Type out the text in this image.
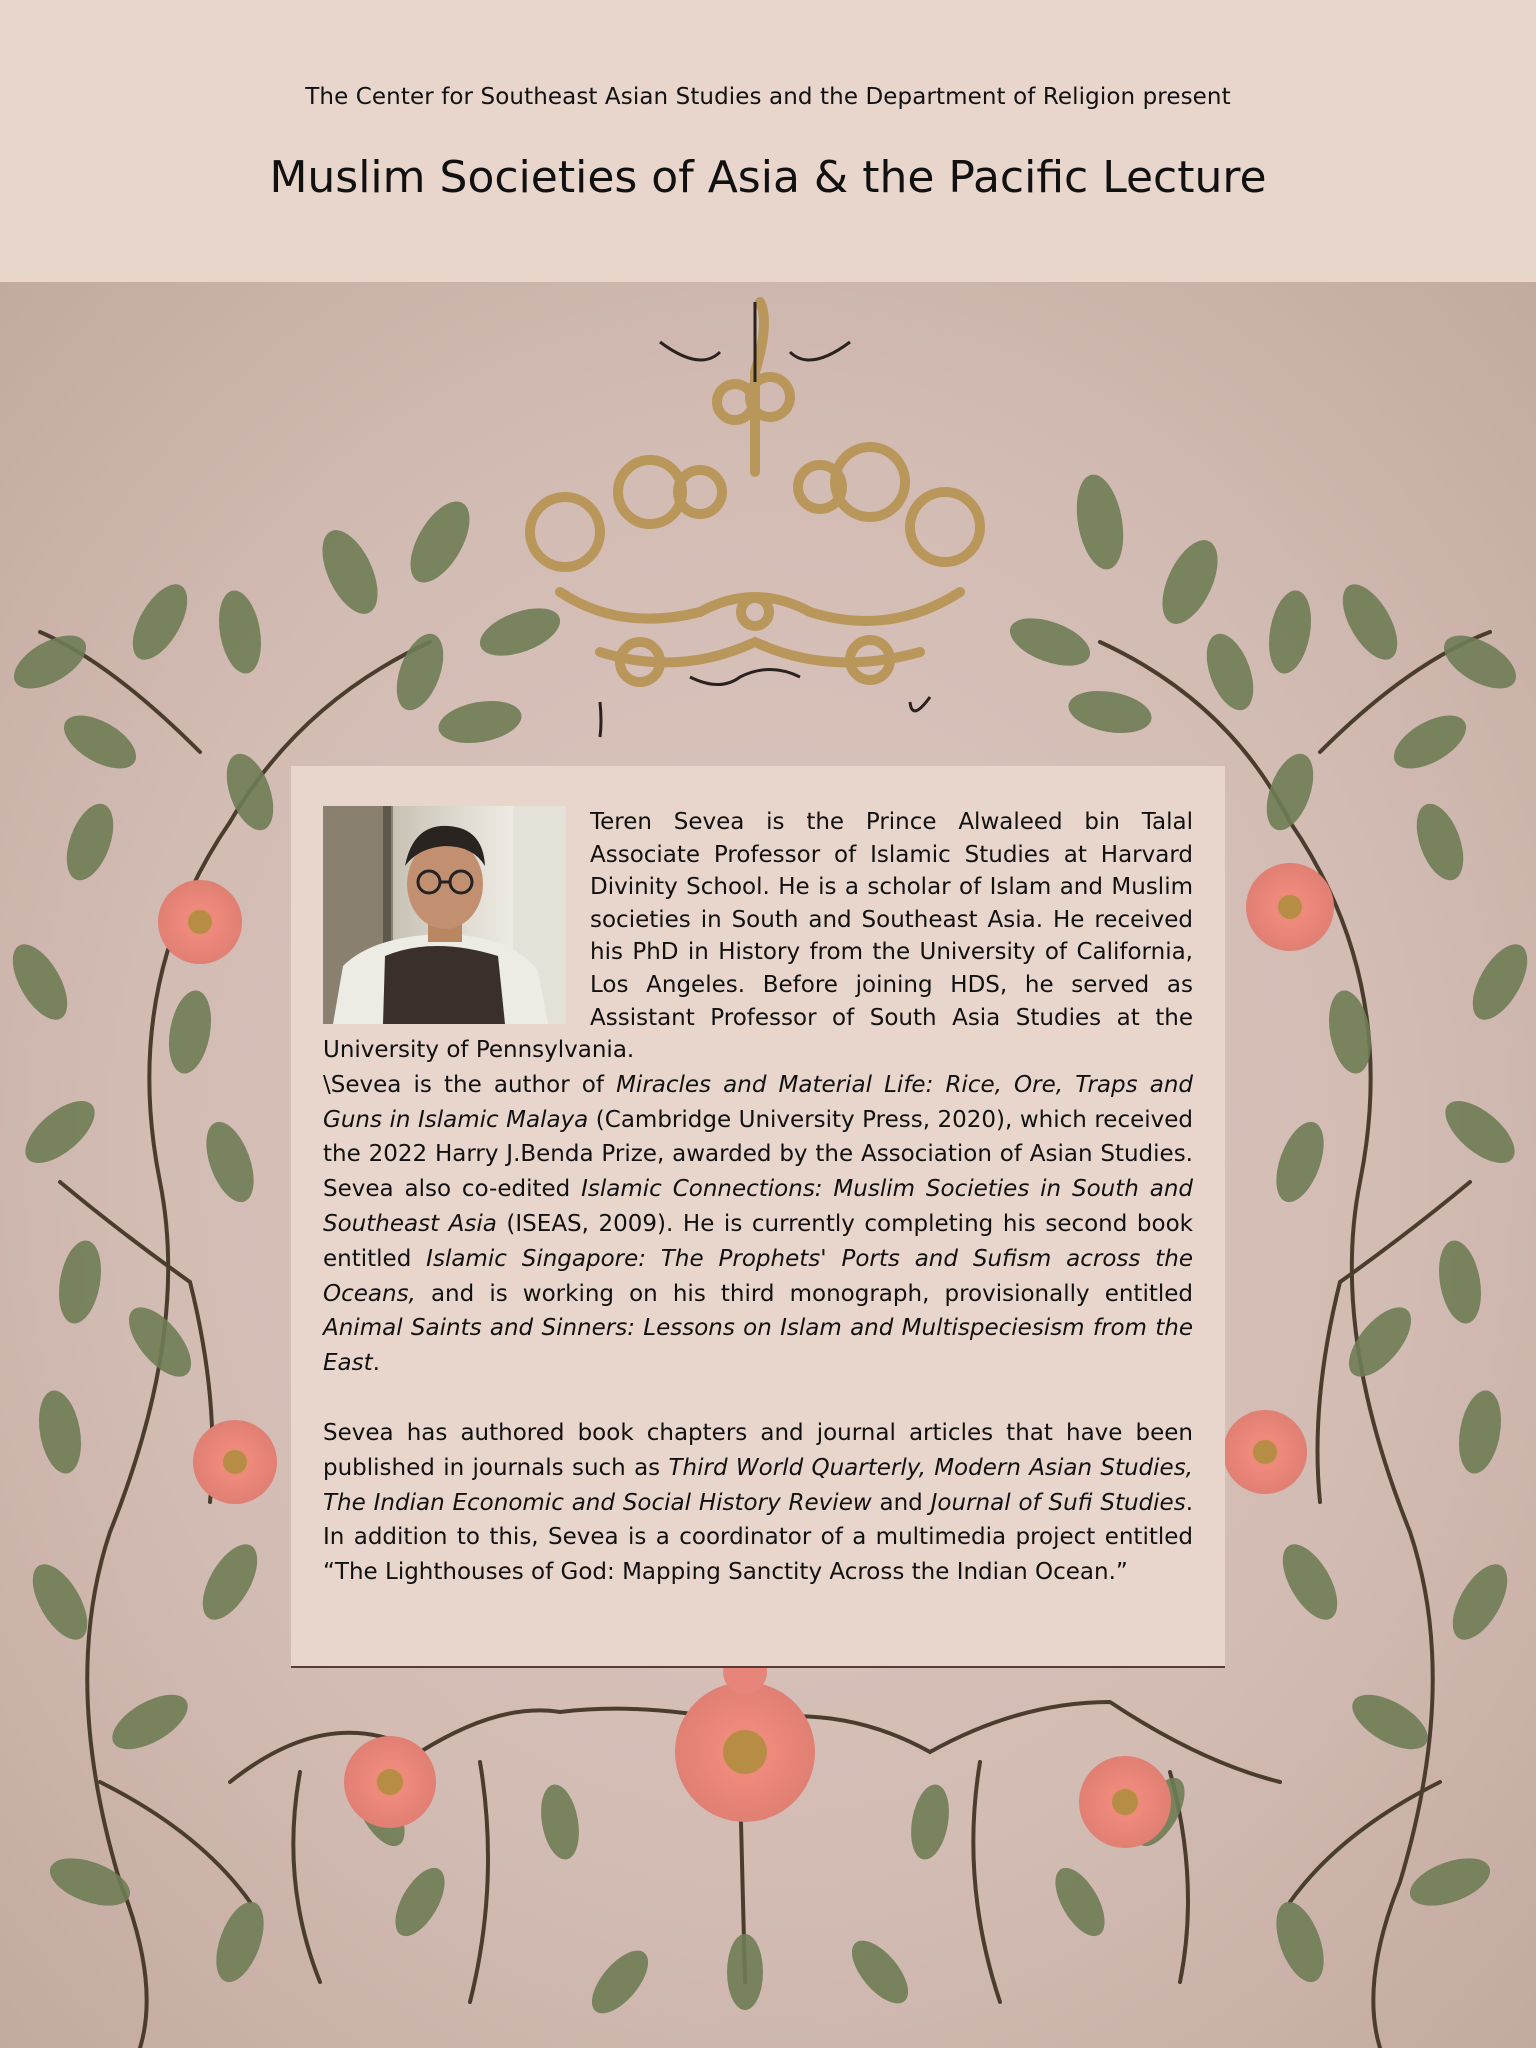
The Center for Southeast Asian Studies and the Department of Religion present
Muslim Societies of Asia & the Pacific Lecture

Teren Sevea is the Prince Alwaleed bin Talal Associate Professor of Islamic Studies at Harvard Divinity School. He is a scholar of Islam and Muslim societies in South and Southeast Asia. He received his PhD in History from the University of California, Los Angeles. Before joining HDS, he served as Assistant Professor of South Asia Studies at the University of Pennsylvania.

\Sevea is the author of Miracles and Material Life: Rice, Ore, Traps and Guns in Islamic Malaya (Cambridge University Press, 2020), which received the 2022 Harry J.Benda Prize, awarded by the Association of Asian Studies. Sevea also co-edited Islamic Connections: Muslim Societies in South and Southeast Asia (ISEAS, 2009). He is currently completing his second book entitled Islamic Singapore: The Prophets' Ports and Sufism across the Oceans, and is working on his third monograph, provisionally entitled Animal Saints and Sinners: Lessons on Islam and Multispeciesism from the East.

Sevea has authored book chapters and journal articles that have been published in journals such as Third World Quarterly, Modern Asian Studies, The Indian Economic and Social History Review and Journal of Sufi Studies. In addition to this, Sevea is a coordinator of a multimedia project entitled “The Lighthouses of God: Mapping Sanctity Across the Indian Ocean.”
